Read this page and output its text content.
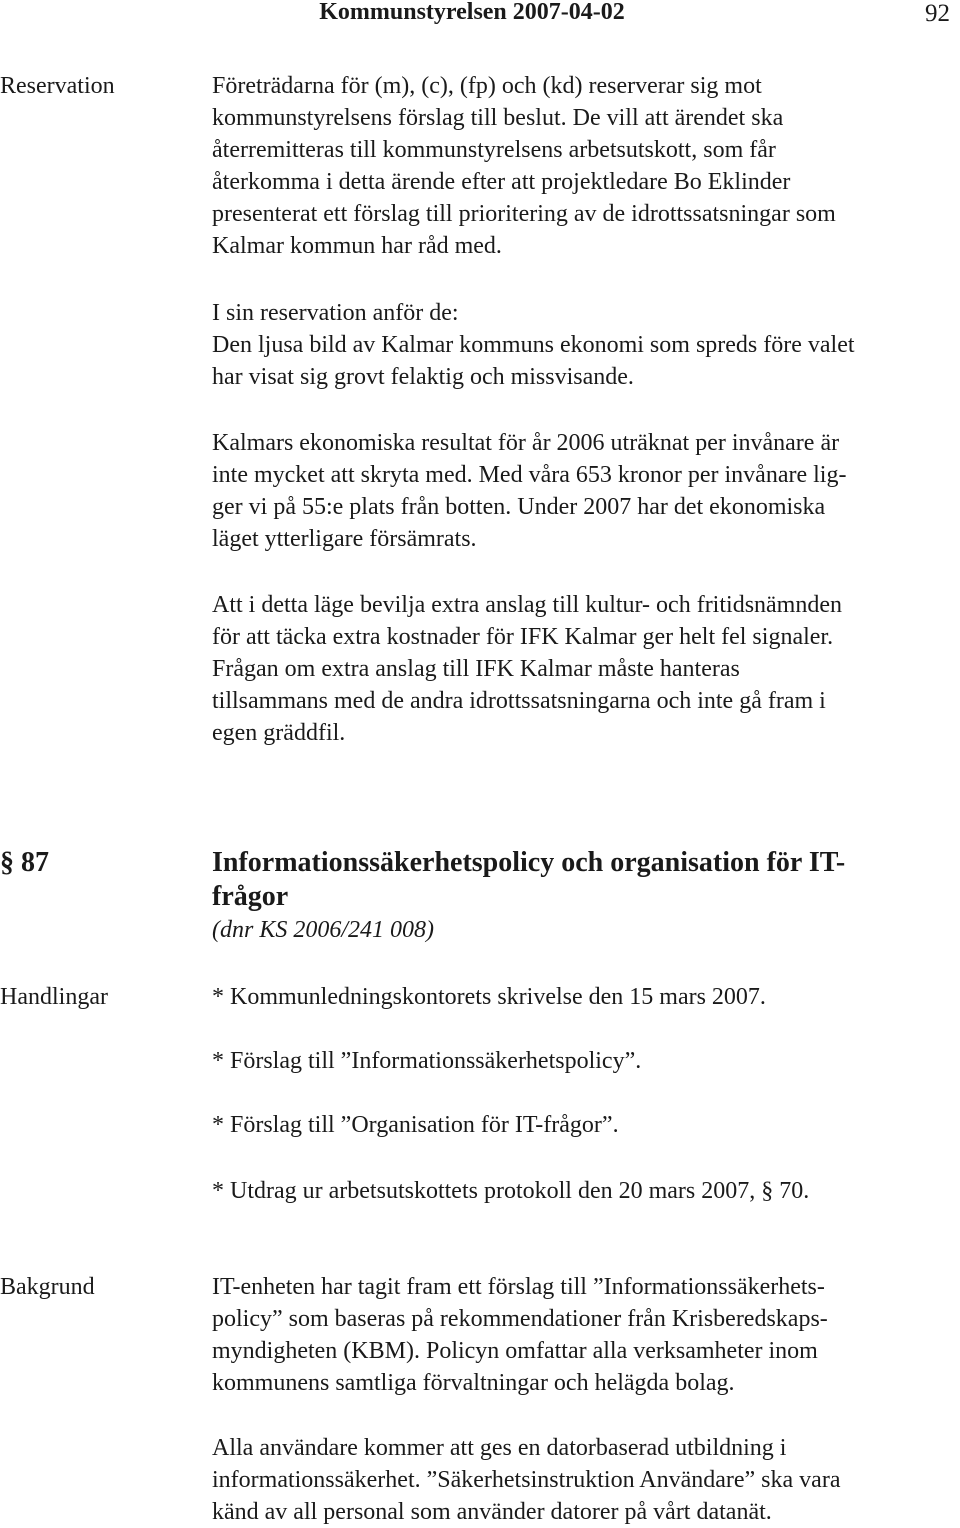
Kommunstyrelsen 2007-04-02	92
Reservation	Företrädarna för (m), (c), (fp) och (kd) reserverar sig mot
kommunstyrelsens förslag till beslut. De vill att ärendet ska
återremitteras till kommunstyrelsens arbetsutskott, som får
återkomma i detta ärende efter att projektledare Bo Eklinder
presenterat ett förslag till prioritering av de idrottssatsningar som
Kalmar kommun har råd med.

I sin reservation anför de:
Den ljusa bild av Kalmar kommuns ekonomi som spreds före valet
har visat sig grovt felaktig och missvisande.

Kalmars ekonomiska resultat för år 2006 uträknat per invånare är
inte mycket att skryta med. Med våra 653 kronor per invånare lig-
ger vi på 55:e plats från botten. Under 2007 har det ekonomiska
läget ytterligare försämrats.

Att i detta läge bevilja extra anslag till kultur- och fritidsnämnden
för att täcka extra kostnader för IFK Kalmar ger helt fel signaler.
Frågan om extra anslag till IFK Kalmar måste hanteras
tillsammans med de andra idrottssatsningarna och inte gå fram i
egen gräddfil.

§ 87	Informationssäkerhetspolicy och organisation för IT-
frågor
(dnr KS 2006/241 008)
Handlingar	* Kommunledningskontorets skrivelse den 15 mars 2007.
* Förslag till ”Informationssäkerhetspolicy”.
* Förslag till ”Organisation för IT-frågor”.
* Utdrag ur arbetsutskottets protokoll den 20 mars 2007, § 70.
Bakgrund	IT-enheten har tagit fram ett förslag till ”Informationssäkerhets-
policy” som baseras på rekommendationer från Krisberedskaps-
myndigheten (KBM). Policyn omfattar alla verksamheter inom
kommunens samtliga förvaltningar och helägda bolag.

Alla användare kommer att ges en datorbaserad utbildning i
informationssäkerhet. ”Säkerhetsinstruktion Användare” ska vara
känd av all personal som använder datorer på vårt datanät.
